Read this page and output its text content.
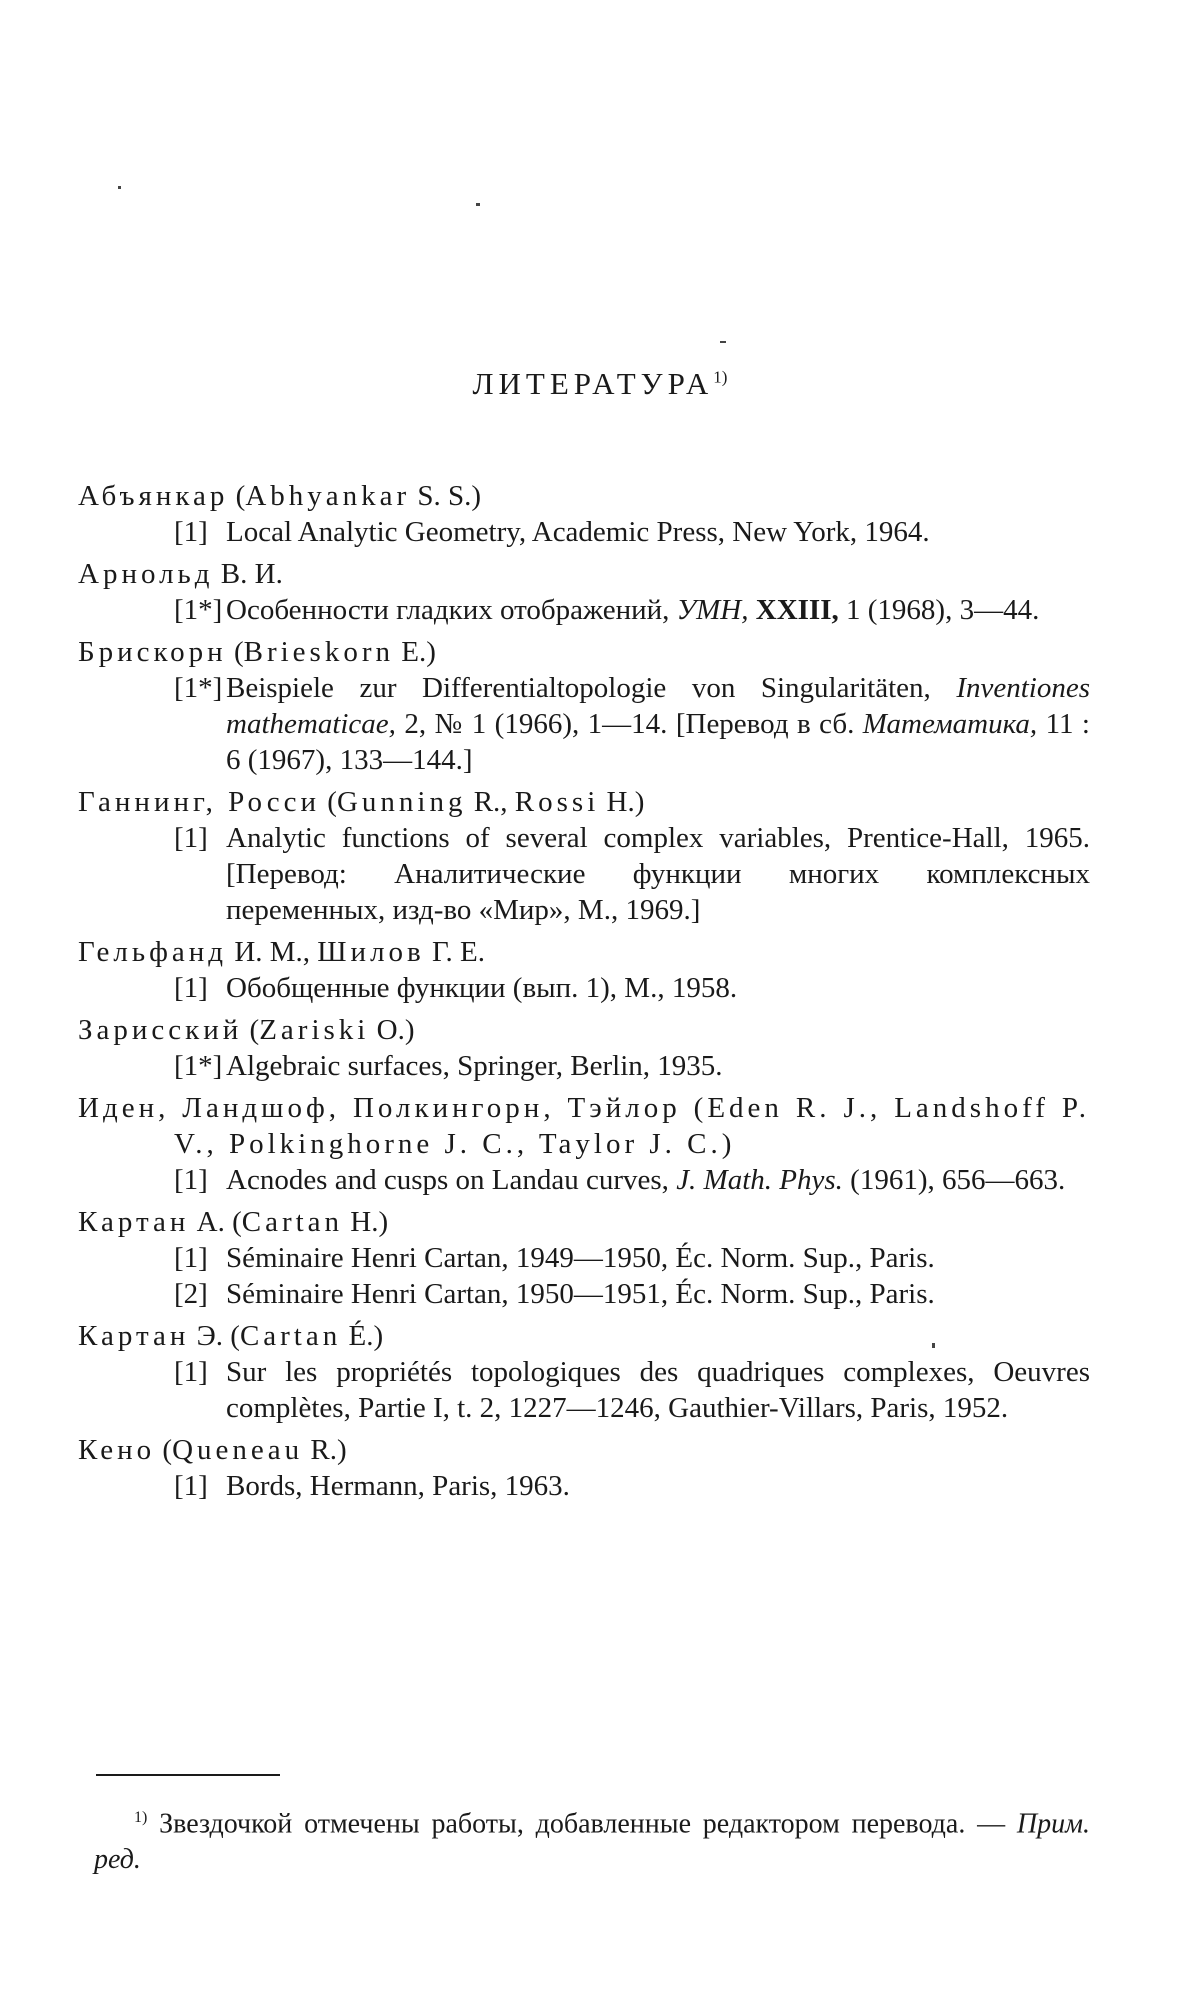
ЛИТЕРАТУРА$^{1)}$
Абъянкар (Abhyankar S. S.)
[1] Local Analytic Geometry, Academic Press, New York, 1964.
Арнольд В. И.
[1*] Особенности гладких отображений, УМН, XXIII, 1 (1968), 3—44.
Брискорн (Brieskorn E.)
[1*] Beispiele zur Differentialtopologie von Singularitäten, Inventiones mathematicae, 2, № 1 (1966), 1—14. [Перевод в сб. Математика, 11 : 6 (1967), 133—144.]
Ганнинг, Росси (Gunning R., Rossi H.)
[1] Analytic functions of several complex variables, Prentice-Hall, 1965. [Перевод: Аналитические функции многих комплексных переменных, изд-во «Мир», М., 1969.]
Гельфанд И. М., Шилов Г. Е.
[1] Обобщенные функции (вып. 1), М., 1958.
Зарисский (Zariski O.)
[1*] Algebraic surfaces, Springer, Berlin, 1935.
Иден, Ландшоф, Полкингорн, Тэйлор (Eden R. J., Landshoff P. V., Polkinghorne J. C., Taylor J. C.)
[1] Acnodes and cusps on Landau curves, J. Math. Phys. (1961), 656—663.
Картан А. (Cartan H.)
[1] Séminaire Henri Cartan, 1949—1950, Éc. Norm. Sup., Paris.
[2] Séminaire Henri Cartan, 1950—1951, Éc. Norm. Sup., Paris.
Картан Э. (Cartan É.)
[1] Sur les propriétés topologiques des quadriques complexes, Oeuvres complètes, Partie I, t. 2, 1227—1246, Gauthier-Villars, Paris, 1952.
Кено (Queneau R.)
[1] Bords, Hermann, Paris, 1963.
$^{1)}$ Звездочкой отмечены работы, добавленные редактором перевода. — Прим. ред.
